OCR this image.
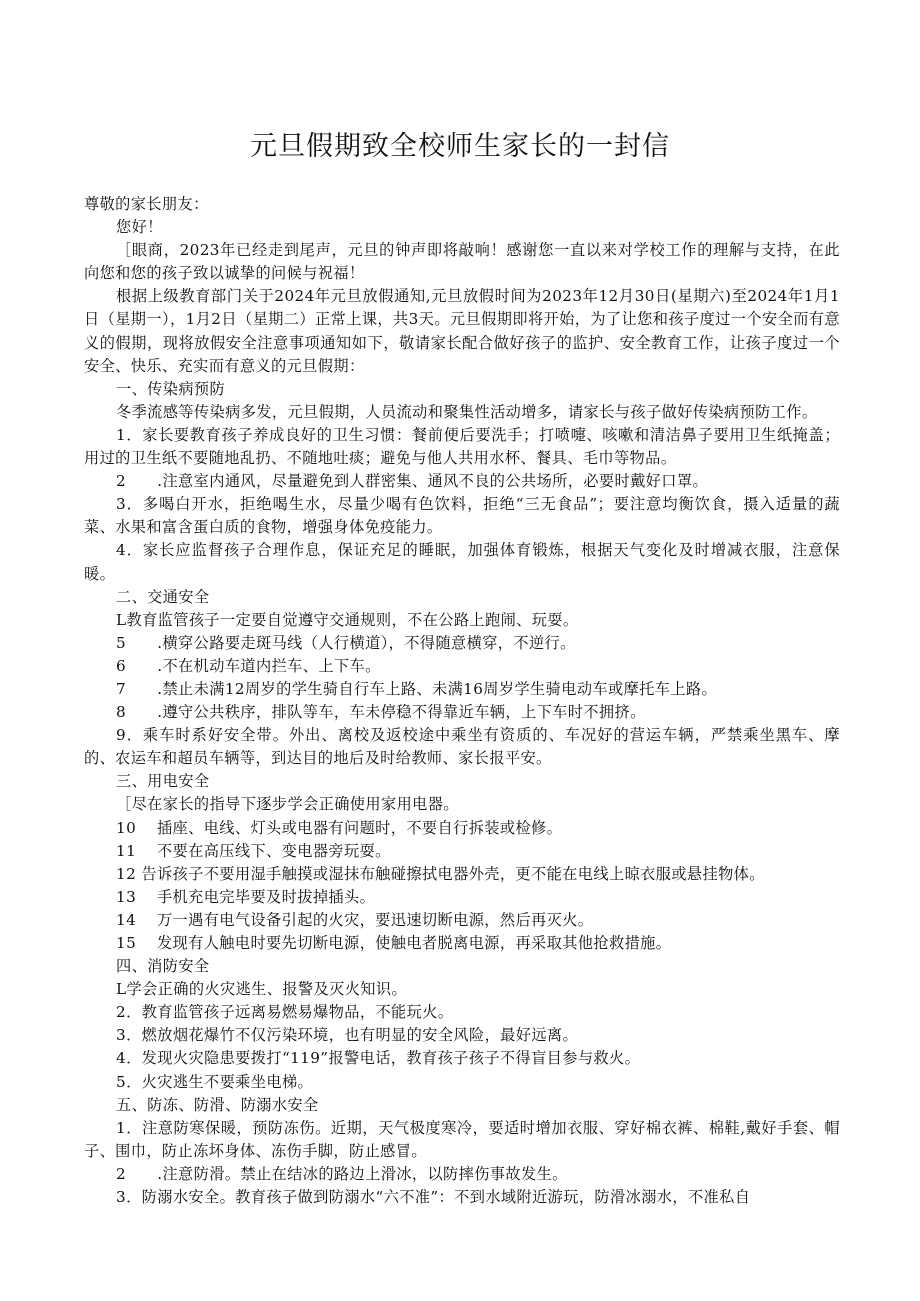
元旦假期致全校师生家长的一封信

尊敬的家长朋友：

您好！

［眼商，2023年已经走到尾声，元旦的钟声即将敲响！感谢您一直以来对学校工作的理解与支持，在此向您和您的孩子致以诚挚的问候与祝福！

根据上级教育部门关于2024年元旦放假通知,元旦放假时间为2023年12月30日(星期六)至2024年1月1日（星期一），1月2日（星期二）正常上课，共3天。元旦假期即将开始，为了让您和孩子度过一个安全而有意义的假期，现将放假安全注意事项通知如下，敬请家长配合做好孩子的监护、安全教育工作，让孩子度过一个安全、快乐、充实而有意义的元旦假期：

一、传染病预防

冬季流感等传染病多发，元旦假期，人员流动和聚集性活动增多，请家长与孩子做好传染病预防工作。

1．家长要教育孩子养成良好的卫生习惯：餐前便后要洗手；打喷嚏、咳嗽和清洁鼻子要用卫生纸掩盖；用过的卫生纸不要随地乱扔、不随地吐痰；避免与他人共用水杯、餐具、毛巾等物品。

2　　.注意室内通风，尽量避免到人群密集、通风不良的公共场所，必要时戴好口罩。

3．多喝白开水，拒绝喝生水，尽量少喝有色饮料，拒绝“三无食品”；要注意均衡饮食，摄入适量的蔬菜、水果和富含蛋白质的食物，增强身体免疫能力。

4．家长应监督孩子合理作息，保证充足的睡眠，加强体育锻炼，根据天气变化及时增减衣服，注意保暖。

二、交通安全

L教育监管孩子一定要自觉遵守交通规则，不在公路上跑闹、玩耍。

5　　.横穿公路要走斑马线（人行横道），不得随意横穿，不逆行。

6　　.不在机动车道内拦车、上下车。

7　　.禁止未满12周岁的学生骑自行车上路、未满16周岁学生骑电动车或摩托车上路。

8　　.遵守公共秩序，排队等车，车未停稳不得靠近车辆，上下车时不拥挤。

9．乘车时系好安全带。外出、离校及返校途中乘坐有资质的、车况好的营运车辆，严禁乘坐黑车、摩的、农运车和超员车辆等，到达目的地后及时给教师、家长报平安。

三、用电安全

［尽在家长的指导下逐步学会正确使用家用电器。

10　 插座、电线、灯头或电器有问题时，不要自行拆装或检修。

11　 不要在高压线下、变电器旁玩耍。

12 告诉孩子不要用湿手触摸或湿抹布触碰擦拭电器外壳，更不能在电线上晾衣服或悬挂物体。

13　 手机充电完毕要及时拔掉插头。

14　 万一遇有电气设备引起的火灾，要迅速切断电源，然后再灭火。

15　 发现有人触电时要先切断电源，使触电者脱离电源，再采取其他抢救措施。

四、消防安全

L学会正确的火灾逃生、报警及灭火知识。

2．教育监管孩子远离易燃易爆物品，不能玩火。

3．燃放烟花爆竹不仅污染环境，也有明显的安全风险，最好远离。

4．发现火灾隐患要拨打“119”报警电话，教育孩子孩子不得盲目参与救火。

5．火灾逃生不要乘坐电梯。

五、防冻、防滑、防溺水安全

1．注意防寒保暖，预防冻伤。近期，天气极度寒冷，要适时增加衣服、穿好棉衣裤、棉鞋,戴好手套、帽子、围巾，防止冻坏身体、冻伤手脚，防止感冒。

2　　.注意防滑。禁止在结冰的路边上滑冰，以防摔伤事故发生。

3．防溺水安全。教育孩子做到防溺水“六不准”：不到水域附近游玩，防滑冰溺水，不准私自
